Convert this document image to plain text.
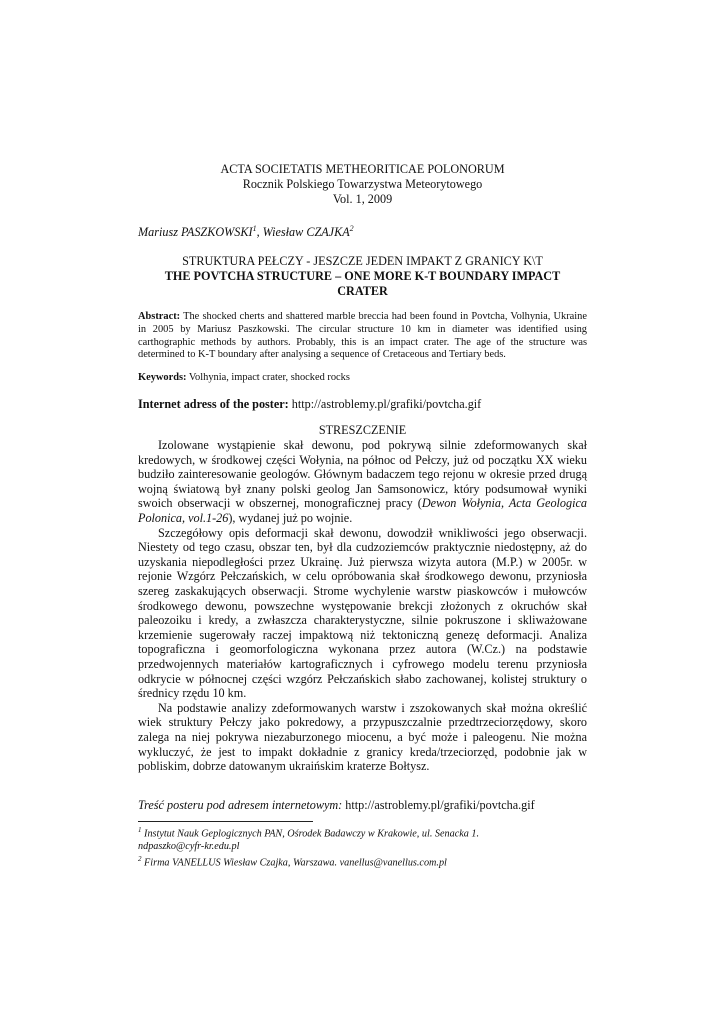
ACTA SOCIETATIS METHEORITICAE POLONORUM
Rocznik Polskiego Towarzystwa Meteorytowego
Vol. 1, 2009
Mariusz PASZKOWSKI$^1$, Wiesław CZAJKA$^2$
STRUKTURA PEŁCZY - JESZCZE JEDEN IMPAKT Z GRANICY K\T
THE POVTCHA STRUCTURE – ONE MORE K-T BOUNDARY IMPACT
CRATER
Abstract: The shocked cherts and shattered marble breccia had been found in Povtcha, Volhynia, Ukraine in 2005 by Mariusz Paszkowski. The circular structure 10 km in diameter was identified using carthographic methods by authors. Probably, this is an impact crater. The age of the structure was determined to K-T boundary after analysing a sequence of Cretaceous and Tertiary beds.
Keywords: Volhynia, impact crater, shocked rocks
Internet adress of the poster: http://astroblemy.pl/grafiki/povtcha.gif
STRESZCZENIE

Izolowane wystąpienie skał dewonu, pod pokrywą silnie zdeformowanych skał kredowych, w środkowej części Wołynia, na północ od Pełczy, już od początku XX wieku budziło zainteresowanie geologów. Głównym badaczem tego rejonu w okresie przed drugą wojną światową był znany polski geolog Jan Samsonowicz, który podsumował wyniki swoich obserwacji w obszernej, monograficznej pracy (Dewon Wołynia, Acta Geologica Polonica, vol.1-26), wydanej już po wojnie.

Szczegółowy opis deformacji skał dewonu, dowodził wnikliwości jego obserwacji. Niestety od tego czasu, obszar ten, był dla cudzoziemców praktycznie niedostępny, aż do uzyskania niepodległości przez Ukrainę. Już pierwsza wizyta autora (M.P.) w 2005r. w rejonie Wzgórz Pełczańskich, w celu opróbowania skał środkowego dewonu, przyniosła szereg zaskakujących obserwacji. Strome wychylenie warstw piaskowców i mułowców środkowego dewonu, powszechne występowanie brekcji złożonych z okruchów skał paleozoiku i kredy, a zwłaszcza charakterystyczne, silnie pokruszone i skliważowane krzemienie sugerowały raczej impaktową niż tektoniczną genezę deformacji. Analiza topograficzna i geomorfologiczna wykonana przez autora (W.Cz.) na podstawie przedwojennych materiałów kartograficznych i cyfrowego modelu terenu przyniosła odkrycie w północnej części wzgórz Pełczańskich słabo zachowanej, kolistej struktury o średnicy rzędu 10 km.

Na podstawie analizy zdeformowanych warstw i zszokowanych skał można określić wiek struktury Pełczy jako pokredowy, a przypuszczalnie przedtrzeciorzędowy, skoro zalega na niej pokrywa niezaburzonego miocenu, a być może i paleogenu. Nie można wykluczyć, że jest to impakt dokładnie z granicy kreda/trzeciorzęd, podobnie jak w pobliskim, dobrze datowanym ukraińskim kraterze Bołtysz.

Treść posteru pod adresem internetowym: http://astroblemy.pl/grafiki/povtcha.gif
$^1$ Instytut Nauk Geplogicznych PAN, Ośrodek Badawczy w Krakowie, ul. Senacka 1.
ndpaszko@cyfr-kr.edu.pl
$^2$ Firma VANELLUS Wiesław Czajka, Warszawa. vanellus@vanellus.com.pl
